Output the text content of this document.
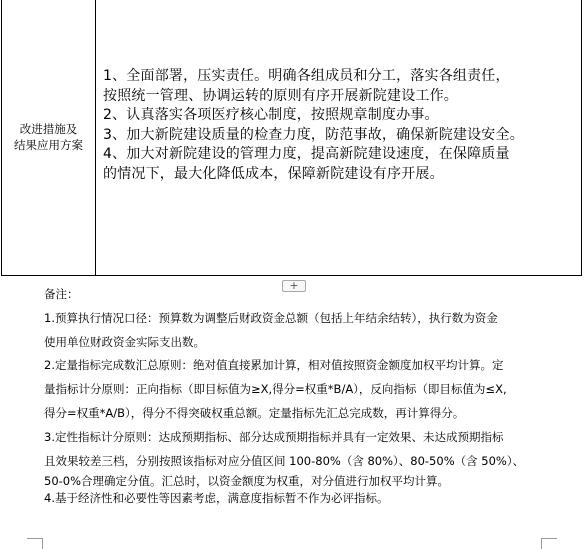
改进措施及
结果应用方案

1、全面部署，压实责任。明确各组成员和分工，落实各组责任，

按照统一管理、协调运转的原则有序开展新院建设工作。

2、认真落实各项医疗核心制度，按照规章制度办事。

3、加大新院建设质量的检查力度，防范事故，确保新院建设安全。

4、加大对新院建设的管理力度，提高新院建设速度，在保障质量

的情况下，最大化降低成本，保障新院建设有序开展。

+

备注：

1.预算执行情况口径：预算数为调整后财政资金总额（包括上年结余结转），执行数为资金

使用单位财政资金实际支出数。

2.定量指标完成数汇总原则：绝对值直接累加计算，相对值按照资金额度加权平均计算。定

量指标计分原则：正向指标（即目标值为≥X,得分=权重*B/A），反向指标（即目标值为≤X,

得分=权重*A/B），得分不得突破权重总额。定量指标先汇总完成数，再计算得分。

3.定性指标计分原则：达成预期指标、部分达成预期指标并具有一定效果、未达成预期指标

且效果较差三档，分别按照该指标对应分值区间 100-80%（含 80%）、80-50%（含 50%）、

50-0%合理确定分值。汇总时，以资金额度为权重，对分值进行加权平均计算。

4.基于经济性和必要性等因素考虑，满意度指标暂不作为必评指标。
